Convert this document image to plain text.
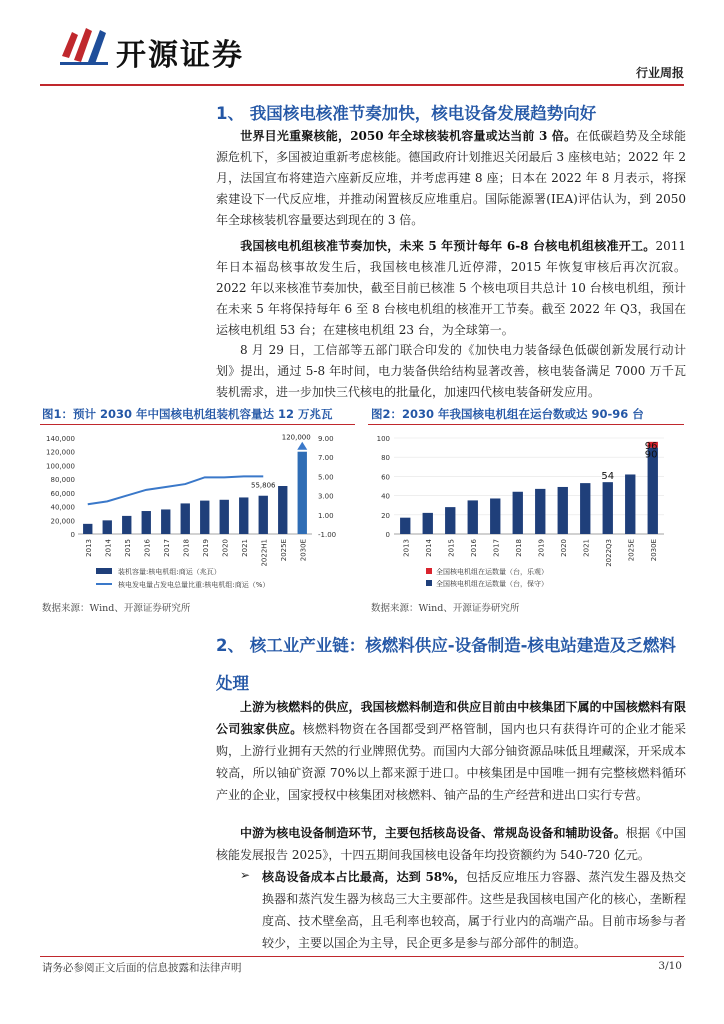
开源证券	行业周报
1、 我国核电核准节奏加快，核电设备发展趋势向好
世界目光重聚核能，2050 年全球核装机容量或达当前 3 倍。在低碳趋势及全球能源危机下，多国被迫重新考虑核能。德国政府计划推迟关闭最后 3 座核电站；2022 年 2 月，法国宣布将建造六座新反应堆，并考虑再建 8 座；日本在 2022 年 8 月表示，将探索建设下一代反应堆，并推动闲置核反应堆重启。国际能源署(IEA)评估认为，到 2050 年全球核装机容量要达到现在的 3 倍。
我国核电机组核准节奏加快，未来 5 年预计每年 6-8 台核电机组核准开工。2011 年日本福岛核事故发生后，我国核电核准几近停滞，2015 年恢复审核后再次沉寂。2022 年以来核准节奏加快，截至目前已核准 5 个核电项目共总计 10 台核电机组，预计在未来 5 年将保持每年 6 至 8 台核电机组的核准开工节奏。截至 2022 年 Q3，我国在运核电机组 53 台；在建核电机组 23 台，为全球第一。
8 月 29 日，工信部等五部门联合印发的《加快电力装备绿色低碳创新发展行动计划》提出，通过 5-8 年时间，电力装备供给结构显著改善，核电装备满足 7000 万千瓦装机需求，进一步加快三代核电的批量化，加速四代核电装备研发应用。
图1：预计 2030 年中国核电机组装机容量达 12 万兆瓦
140,000
120,000
100,000
80,000
60,000
40,000
20,000
0
9.00
7.00
5.00
3.00
1.00
-1.00
2013 2014 2015 2016 2017 2018 2019 2020 2021 2022H1 2025E 2030E
120,000
55,806
装机容量:核电机组:商运（兆瓦）
核电发电量占发电总量比重:核电机组:商运（%）
数据来源：Wind、开源证券研究所
图2：2030 年我国核电机组在运台数或达 90-96 台
100
80
60
40
20
0
2013 2014 2015 2016 2017 2018 2019 2020 2021 2022Q3 2025E 2030E
96
90
54
全国核电机组在运数量（台，乐观）
全国核电机组在运数量（台，保守）
数据来源：Wind、开源证券研究所
2、 核工业产业链：核燃料供应-设备制造-核电站建造及乏燃料
处理
上游为核燃料的供应，我国核燃料制造和供应目前由中核集团下属的中国核燃料有限公司独家供应。核燃料物资在各国都受到严格管制，国内也只有获得许可的企业才能采购，上游行业拥有天然的行业牌照优势。而国内大部分铀资源品味低且埋藏深，开采成本较高，所以铀矿资源 70%以上都来源于进口。中核集团是中国唯一拥有完整核燃料循环产业的企业，国家授权中核集团对核燃料、铀产品的生产经营和进出口实行专营。
中游为核电设备制造环节，主要包括核岛设备、常规岛设备和辅助设备。根据《中国核能发展报告 2025》，十四五期间我国核电设备年均投资额约为 540-720 亿元。
➢ 核岛设备成本占比最高，达到 58%，包括反应堆压力容器、蒸汽发生器及热交换器和蒸汽发生器为核岛三大主要部件。这些是我国核电国产化的核心，垄断程度高、技术壁垒高，且毛利率也较高，属于行业内的高端产品。目前市场参与者较少，主要以国企为主导，民企更多是参与部分部件的制造。
请务必参阅正文后面的信息披露和法律声明	3/10
